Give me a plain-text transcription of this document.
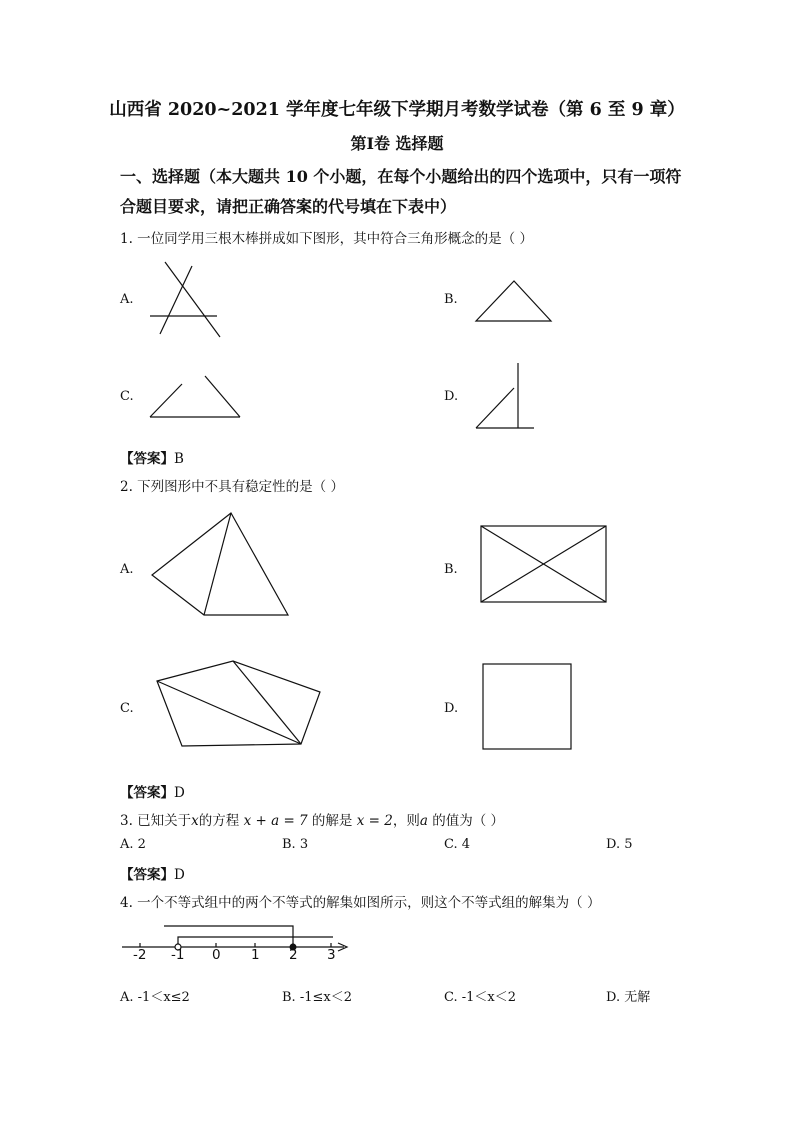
山西省 2020~2021 学年度七年级下学期月考数学试卷（第 6 至 9 章）
第Ⅰ卷 选择题
一、选择题（本大题共 10 个小题，在每个小题给出的四个选项中，只有一项符
合题目要求，请把正确答案的代号填在下表中）
1. 一位同学用三根木棒拼成如下图形，其中符合三角形概念的是（ ）
A.	B.
C.	D.
【答案】B
2. 下列图形中不具有稳定性的是（ ）
A.	B.
C.	D.
【答案】D
3. 已知关于x的方程 x + a = 7 的解是 x = 2，则a 的值为（ ）
A. 2	B. 3	C. 4	D. 5
【答案】D
4. 一个不等式组中的两个不等式的解集如图所示，则这个不等式组的解集为（ ）
-2 -1 0 1 2 3
A. -1＜x≤2	B. -1≤x＜2	C. -1＜x＜2	D. 无解
